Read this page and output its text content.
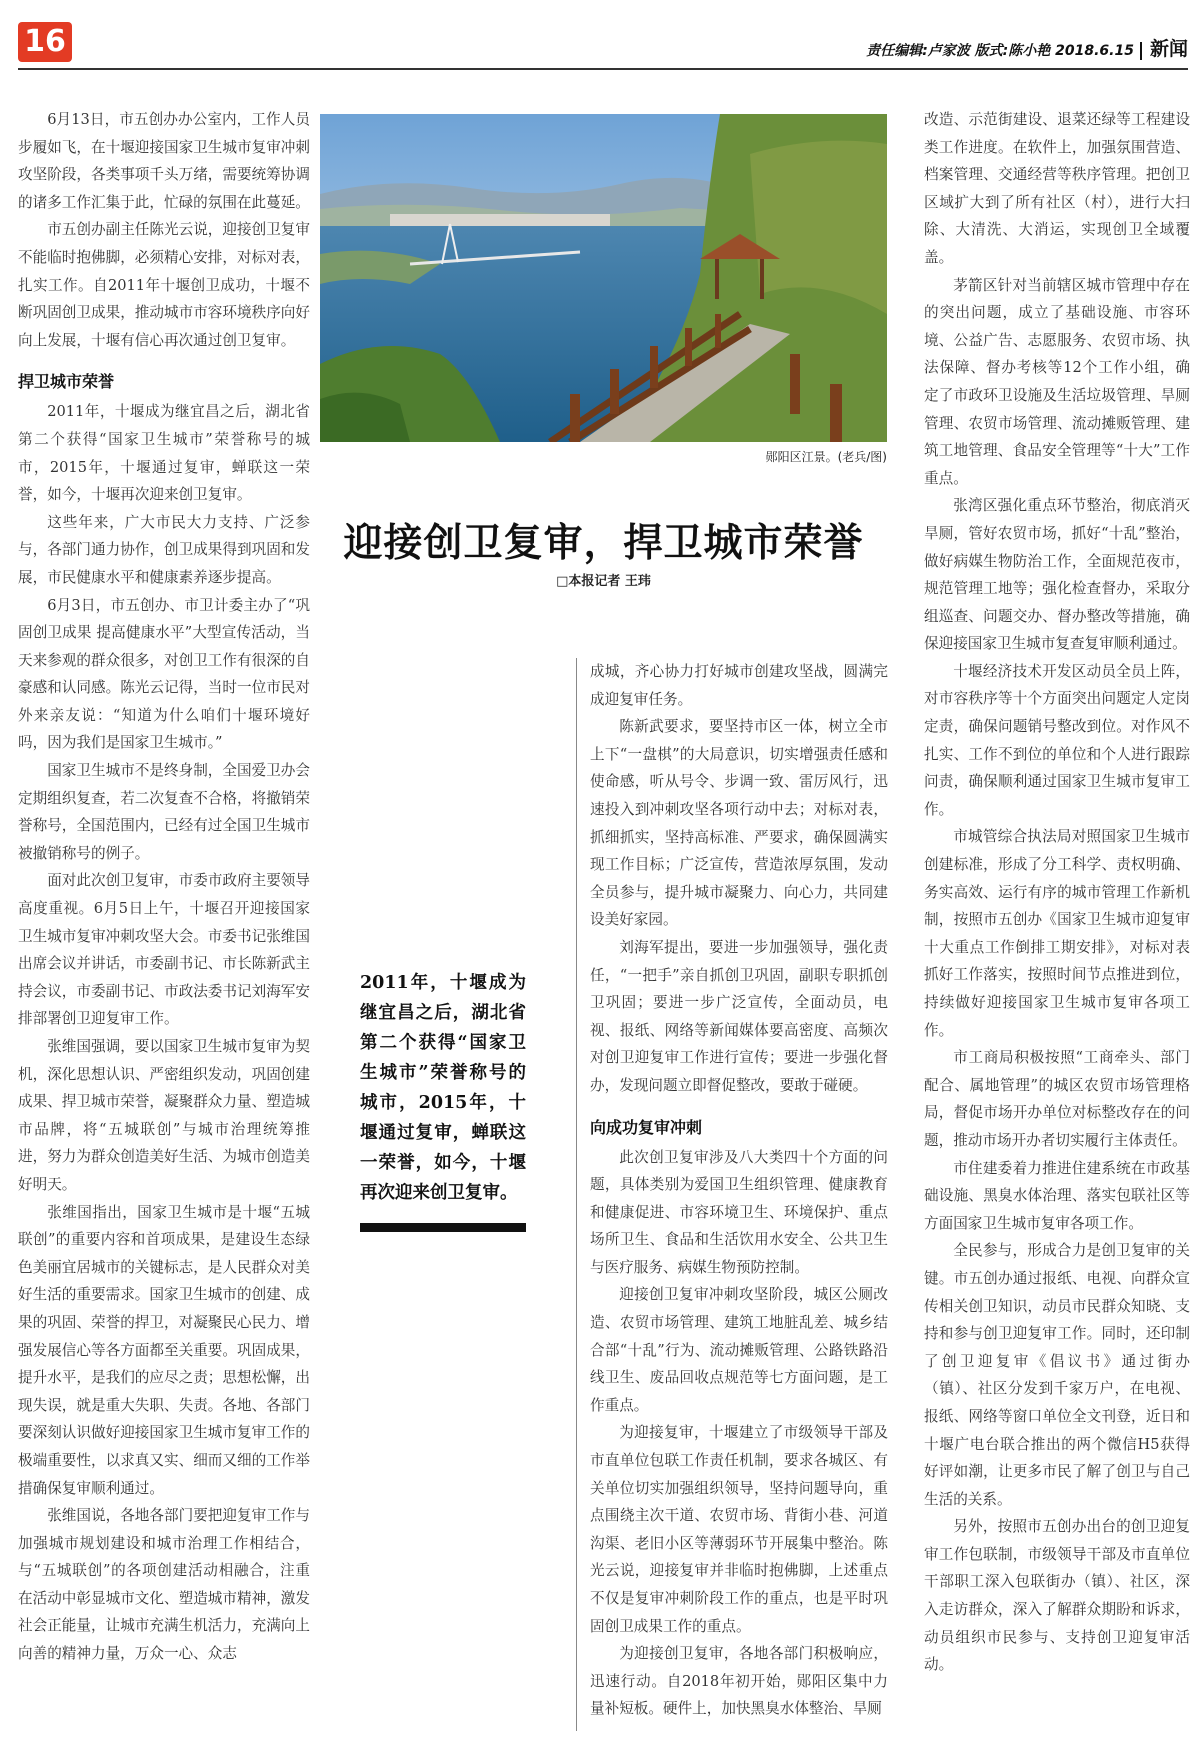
16	责任编辑:卢家波 版式:陈小艳 2018.6.15 新闻

6月13日，市五创办办公室内，工作人员步履如飞，在十堰迎接国家卫生城市复审冲刺攻坚阶段，各类事项千头万绪，需要统筹协调的诸多工作汇集于此，忙碌的氛围在此蔓延。

市五创办副主任陈光云说，迎接创卫复审不能临时抱佛脚，必须精心安排，对标对表，扎实工作。自2011年十堰创卫成功，十堰不断巩固创卫成果，推动城市市容环境秩序向好向上发展，十堰有信心再次通过创卫复审。

捍卫城市荣誉

2011年，十堰成为继宜昌之后，湖北省第二个获得“国家卫生城市”荣誉称号的城市，2015年，十堰通过复审，蝉联这一荣誉，如今，十堰再次迎来创卫复审。

这些年来，广大市民大力支持、广泛参与，各部门通力协作，创卫成果得到巩固和发展，市民健康水平和健康素养逐步提高。

6月3日，市五创办、市卫计委主办了“巩固创卫成果 提高健康水平”大型宣传活动，当天来参观的群众很多，对创卫工作有很深的自豪感和认同感。陈光云记得，当时一位市民对外来亲友说：“知道为什么咱们十堰环境好吗，因为我们是国家卫生城市。”

国家卫生城市不是终身制，全国爱卫办会定期组织复查，若二次复查不合格，将撤销荣誉称号，全国范围内，已经有过全国卫生城市被撤销称号的例子。

面对此次创卫复审，市委市政府主要领导高度重视。6月5日上午，十堰召开迎接国家卫生城市复审冲刺攻坚大会。市委书记张维国出席会议并讲话，市委副书记、市长陈新武主持会议，市委副书记、市政法委书记刘海军安排部署创卫迎复审工作。

张维国强调，要以国家卫生城市复审为契机，深化思想认识、严密组织发动，巩固创建成果、捍卫城市荣誉，凝聚群众力量、塑造城市品牌，将“五城联创”与城市治理统筹推进，努力为群众创造美好生活、为城市创造美好明天。

张维国指出，国家卫生城市是十堰“五城联创”的重要内容和首项成果，是建设生态绿色美丽宜居城市的关键标志，是人民群众对美好生活的重要需求。国家卫生城市的创建、成果的巩固、荣誉的捍卫，对凝聚民心民力、增强发展信心等各方面都至关重要。巩固成果，提升水平，是我们的应尽之责；思想松懈，出现失误，就是重大失职、失责。各地、各部门要深刻认识做好迎接国家卫生城市复审工作的极端重要性，以求真又实、细而又细的工作举措确保复审顺利通过。

张维国说，各地各部门要把迎复审工作与加强城市规划建设和城市治理工作相结合，与“五城联创”的各项创建活动相融合，注重在活动中彰显城市文化、塑造城市精神，激发社会正能量，让城市充满生机活力，充满向上向善的精神力量，万众一心、众志

郧阳区江景。(老兵/图)
迎接创卫复审，捍卫城市荣誉
□本报记者 王玮
2011年，十堰成为继宜昌之后，湖北省第二个获得“国家卫生城市”荣誉称号的城市，2015年，十堰通过复审，蝉联这一荣誉，如今，十堰再次迎来创卫复审。

成城，齐心协力打好城市创建攻坚战，圆满完成迎复审任务。

陈新武要求，要坚持市区一体，树立全市上下“一盘棋”的大局意识，切实增强责任感和使命感，听从号令、步调一致、雷厉风行，迅速投入到冲刺攻坚各项行动中去；对标对表，抓细抓实，坚持高标准、严要求，确保圆满实现工作目标；广泛宣传，营造浓厚氛围，发动全员参与，提升城市凝聚力、向心力，共同建设美好家园。

刘海军提出，要进一步加强领导，强化责任，“一把手”亲自抓创卫巩固，副职专职抓创卫巩固；要进一步广泛宣传，全面动员，电视、报纸、网络等新闻媒体要高密度、高频次对创卫迎复审工作进行宣传；要进一步强化督办，发现问题立即督促整改，要敢于碰硬。

向成功复审冲刺

此次创卫复审涉及八大类四十个方面的问题，具体类别为爱国卫生组织管理、健康教育和健康促进、市容环境卫生、环境保护、重点场所卫生、食品和生活饮用水安全、公共卫生与医疗服务、病媒生物预防控制。

迎接创卫复审冲刺攻坚阶段，城区公厕改造、农贸市场管理、建筑工地脏乱差、城乡结合部“十乱”行为、流动摊贩管理、公路铁路沿线卫生、废品回收点规范等七方面问题，是工作重点。

为迎接复审，十堰建立了市级领导干部及市直单位包联工作责任机制，要求各城区、有关单位切实加强组织领导，坚持问题导向，重点围绕主次干道、农贸市场、背街小巷、河道沟渠、老旧小区等薄弱环节开展集中整治。陈光云说，迎接复审并非临时抱佛脚，上述重点不仅是复审冲刺阶段工作的重点，也是平时巩固创卫成果工作的重点。

为迎接创卫复审，各地各部门积极响应，迅速行动。自2018年初开始，郧阳区集中力量补短板。硬件上，加快黑臭水体整治、旱厕

改造、示范街建设、退菜还绿等工程建设类工作进度。在软件上，加强氛围营造、档案管理、交通经营等秩序管理。把创卫区域扩大到了所有社区（村），进行大扫除、大清洗、大消运，实现创卫全域覆盖。

茅箭区针对当前辖区城市管理中存在的突出问题，成立了基础设施、市容环境、公益广告、志愿服务、农贸市场、执法保障、督办考核等12个工作小组，确定了市政环卫设施及生活垃圾管理、旱厕管理、农贸市场管理、流动摊贩管理、建筑工地管理、食品安全管理等“十大”工作重点。

张湾区强化重点环节整治，彻底消灭旱厕，管好农贸市场，抓好“十乱”整治，做好病媒生物防治工作，全面规范夜市，规范管理工地等；强化检查督办，采取分组巡查、问题交办、督办整改等措施，确保迎接国家卫生城市复查复审顺利通过。

十堰经济技术开发区动员全员上阵，对市容秩序等十个方面突出问题定人定岗定责，确保问题销号整改到位。对作风不扎实、工作不到位的单位和个人进行跟踪问责，确保顺利通过国家卫生城市复审工作。

市城管综合执法局对照国家卫生城市创建标准，形成了分工科学、责权明确、务实高效、运行有序的城市管理工作新机制，按照市五创办《国家卫生城市迎复审十大重点工作倒排工期安排》，对标对表抓好工作落实，按照时间节点推进到位，持续做好迎接国家卫生城市复审各项工作。

市工商局积极按照“工商牵头、部门配合、属地管理”的城区农贸市场管理格局，督促市场开办单位对标整改存在的问题，推动市场开办者切实履行主体责任。

市住建委着力推进住建系统在市政基础设施、黑臭水体治理、落实包联社区等方面国家卫生城市复审各项工作。

全民参与，形成合力是创卫复审的关键。市五创办通过报纸、电视、向群众宣传相关创卫知识，动员市民群众知晓、支持和参与创卫迎复审工作。同时，还印制了创卫迎复审《倡议书》通过街办（镇）、社区分发到千家万户，在电视、报纸、网络等窗口单位全文刊登，近日和十堰广电台联合推出的两个微信H5获得好评如潮，让更多市民了解了创卫与自己生活的关系。

另外，按照市五创办出台的创卫迎复审工作包联制，市级领导干部及市直单位干部职工深入包联街办（镇）、社区，深入走访群众，深入了解群众期盼和诉求，动员组织市民参与、支持创卫迎复审活动。
